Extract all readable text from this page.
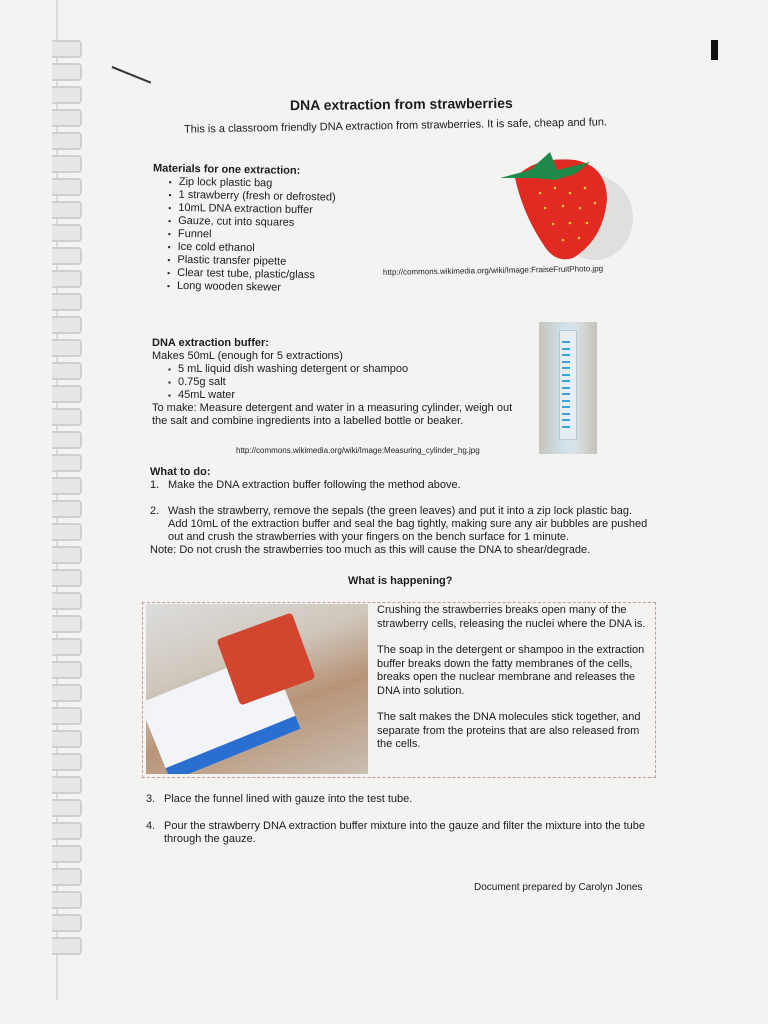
DNA extraction from strawberries
This is a classroom friendly DNA extraction from strawberries. It is safe, cheap and fun.
Materials for one extraction:
▪ Zip lock plastic bag
▪ 1 strawberry (fresh or defrosted)
▪ 10mL DNA extraction buffer
▪ Gauze, cut into squares
▪ Funnel
▪ Ice cold ethanol
▪ Plastic transfer pipette
▪ Clear test tube, plastic/glass
▪ Long wooden skewer
http://commons.wikimedia.org/wiki/Image:FraiseFruitPhoto.jpg
DNA extraction buffer:
Makes 50mL (enough for 5 extractions)
▪ 5 mL liquid dish washing detergent or shampoo
▪ 0.75g salt
▪ 45mL water
To make: Measure detergent and water in a measuring cylinder, weigh out the salt and combine ingredients into a labelled bottle or beaker.
http://commons.wikimedia.org/wiki/Image:Measuring_cylinder_hg.jpg

What to do:

1. Make the DNA extraction buffer following the method above.

2. Wash the strawberry, remove the sepals (the green leaves) and put it into a zip lock plastic bag. Add 10mL of the extraction buffer and seal the bag tightly, making sure any air bubbles are pushed out and crush the strawberries with your fingers on the bench surface for 1 minute.

Note: Do not crush the strawberries too much as this will cause the DNA to shear/degrade.

What is happening?

Crushing the strawberries breaks open many of the strawberry cells, releasing the nuclei where the DNA is.

The soap in the detergent or shampoo in the extraction buffer breaks down the fatty membranes of the cells, breaks open the nuclear membrane and releases the DNA into solution.

The salt makes the DNA molecules stick together, and separate from the proteins that are also released from the cells.

3. Place the funnel lined with gauze into the test tube.

4. Pour the strawberry DNA extraction buffer mixture into the gauze and filter the mixture into the tube through the gauze.

Document prepared by Carolyn Jones
